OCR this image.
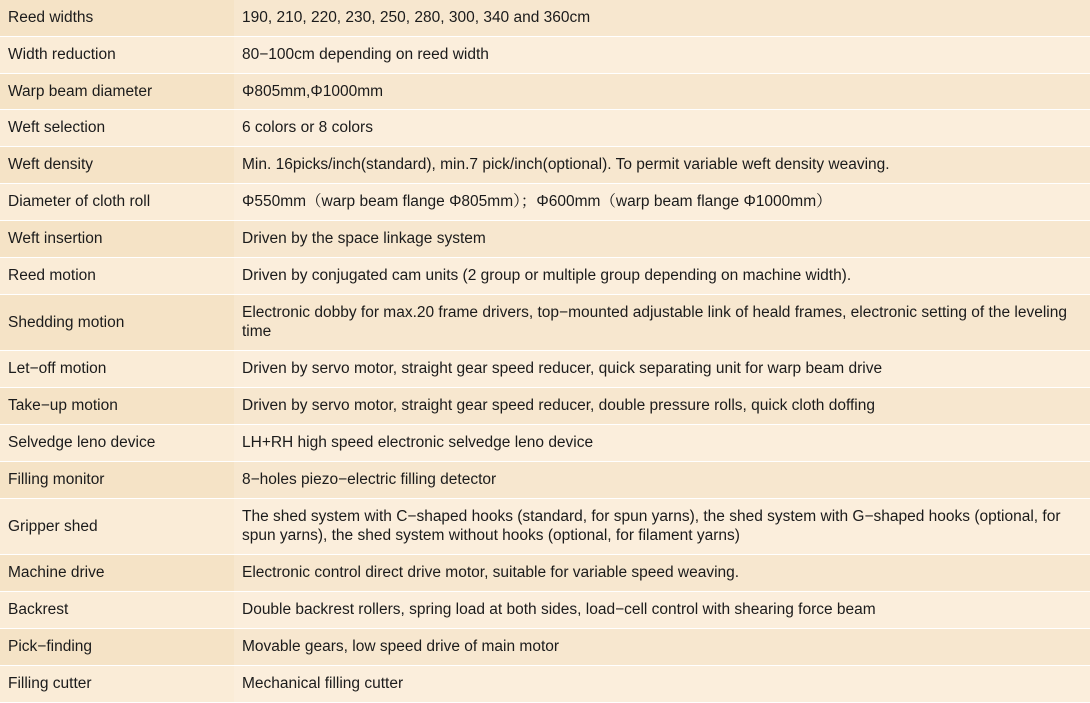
Reed widths	190, 210, 220, 230, 250, 280, 300, 340 and 360cm
Width reduction	80−100cm depending on reed width
Warp beam diameter	Φ805mm,Φ1000mm
Weft selection	6 colors or 8 colors
Weft density	Min. 16picks/inch(standard), min.7 pick/inch(optional). To permit variable weft density weaving.
Diameter of cloth roll	Φ550mm（warp beam flange Φ805mm）；Φ600mm（warp beam flange Φ1000mm）
Weft insertion	Driven by the space linkage system
Reed motion	Driven by conjugated cam units (2 group or multiple group depending on machine width).
Shedding motion	Electronic dobby for max.20 frame drivers, top−mounted adjustable link of heald frames, electronic setting of the leveling time
Let−off motion	Driven by servo motor, straight gear speed reducer, quick separating unit for warp beam drive
Take−up motion	Driven by servo motor, straight gear speed reducer, double pressure rolls, quick cloth doffing
Selvedge leno device	LH+RH high speed electronic selvedge leno device
Filling monitor	8−holes piezo−electric filling detector
Gripper shed	The shed system with C−shaped hooks (standard, for spun yarns), the shed system with G−shaped hooks (optional, for spun yarns), the shed system without hooks (optional, for filament yarns)
Machine drive	Electronic control direct drive motor, suitable for variable speed weaving.
Backrest	Double backrest rollers, spring load at both sides, load−cell control with shearing force beam
Pick−finding	Movable gears, low speed drive of main motor
Filling cutter	Mechanical filling cutter
